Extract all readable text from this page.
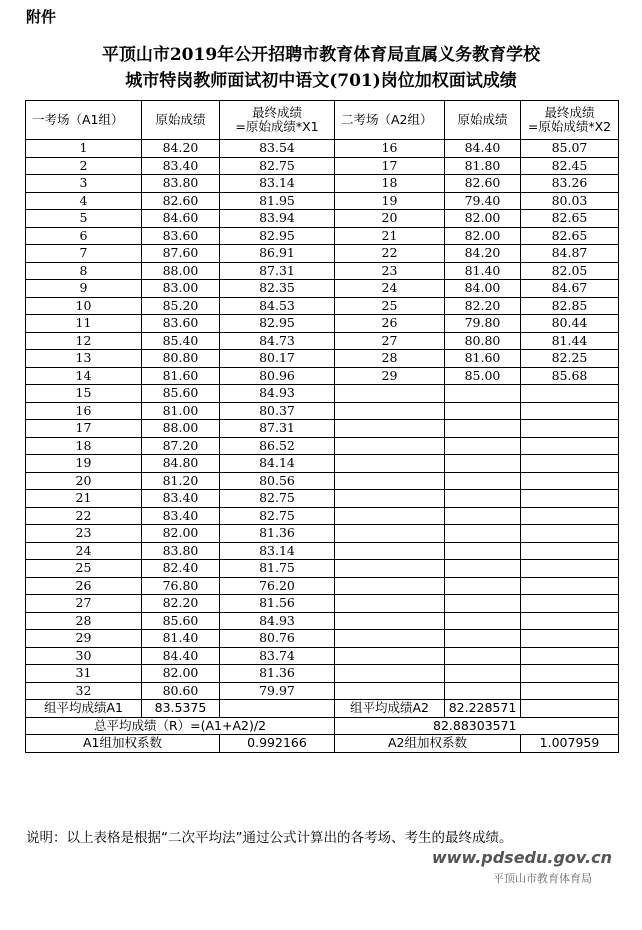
附件
平顶山市2019年公开招聘市教育体育局直属义务教育学校
城市特岗教师面试初中语文(701)岗位加权面试成绩
一考场（A1组）	原始成绩	最终成绩
=原始成绩*X1	二考场（A2组）	原始成绩	最终成绩
=原始成绩*X2
1	84.20	83.54	16	84.40	85.07
2	83.40	82.75	17	81.80	82.45
3	83.80	83.14	18	82.60	83.26
4	82.60	81.95	19	79.40	80.03
5	84.60	83.94	20	82.00	82.65
6	83.60	82.95	21	82.00	82.65
7	87.60	86.91	22	84.20	84.87
8	88.00	87.31	23	81.40	82.05
9	83.00	82.35	24	84.00	84.67
10	85.20	84.53	25	82.20	82.85
11	83.60	82.95	26	79.80	80.44
12	85.40	84.73	27	80.80	81.44
13	80.80	80.17	28	81.60	82.25
14	81.60	80.96	29	85.00	85.68
15	85.60	84.93			
16	81.00	80.37			
17	88.00	87.31			
18	87.20	86.52			
19	84.80	84.14			
20	81.20	80.56			
21	83.40	82.75			
22	83.40	82.75			
23	82.00	81.36			
24	83.80	83.14			
25	82.40	81.75			
26	76.80	76.20			
27	82.20	81.56			
28	85.60	84.93			
29	81.40	80.76			
30	84.40	83.74			
31	82.00	81.36			
32	80.60	79.97			
组平均成绩A1	83.5375		组平均成绩A2	82.228571	
总平均成绩（R）=(A1+A2)/2			82.88303571		
A1组加权系数		0.992166	A2组加权系数		1.007959
说明：以上表格是根据“二次平均法”通过公式计算出的各考场、考生的最终成绩。
www.pdsedu.gov.cn
平顶山市教育体育局
